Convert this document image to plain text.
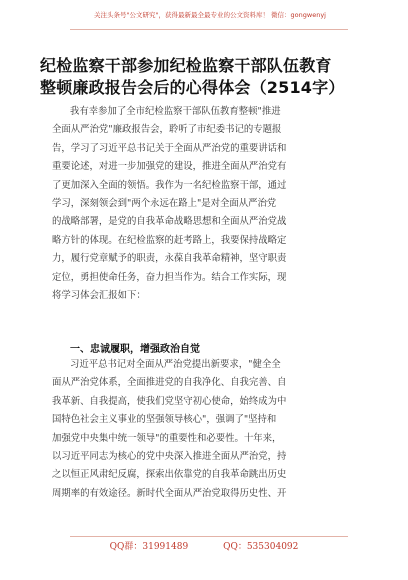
关注头条号"公文研究"，获得最新最全最专业的公文资料库！ 微信：gongwenyj
纪检监察干部参加纪检监察干部队伍教育
整顿廉政报告会后的心得体会（2514字）
我有幸参加了全市纪检监察干部队伍教育整顿"推进
全面从严治党"廉政报告会，聆听了市纪委书记的专题报
告，学习了习近平总书记关于全面从严治党的重要讲话和
重要论述，对进一步加强党的建设，推进全面从严治党有
了更加深入全面的领悟。我作为一名纪检监察干部，通过
学习，深刻领会到"两个永远在路上"是对全面从严治党
的战略部署，是党的自我革命战略思想和全面从严治党战
略方针的体现。在纪检监察的赶考路上，我要保持战略定
力，履行党章赋予的职责，永葆自我革命精神，坚守职责
定位，勇担使命任务，奋力担当作为。结合工作实际，现
将学习体会汇报如下：
一、忠诚履职，增强政治自觉
习近平总书记对全面从严治党提出新要求，"健全全
面从严治党体系，全面推进党的自我净化、自我完善、自
我革新、自我提高，使我们党坚守初心使命，始终成为中
国特色社会主义事业的坚强领导核心"，强调了"坚持和
加强党中央集中统一领导"的重要性和必要性。十年来，
以习近平同志为核心的党中央深入推进全面从严治党，持
之以恒正风肃纪反腐，探索出依靠党的自我革命跳出历史
周期率的有效途径。新时代全面从严治党取得历史性、开
QQ群：31991489	QQ：535304092
